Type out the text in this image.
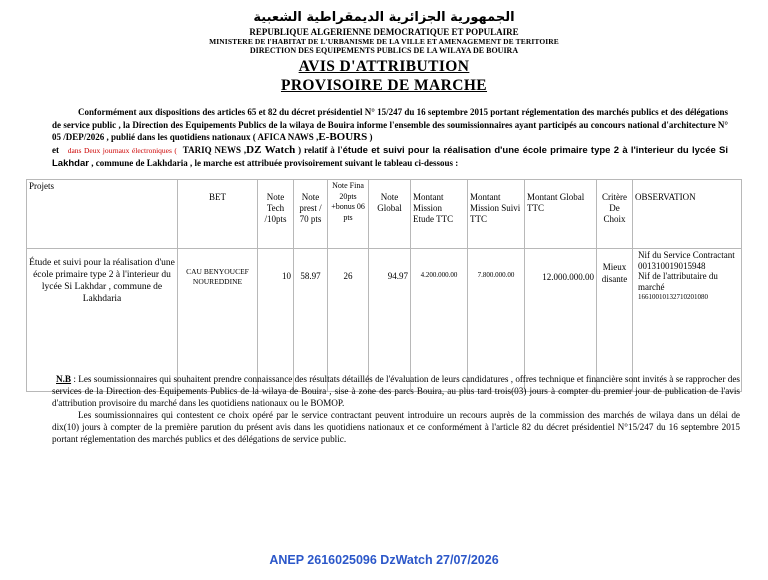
الجمهورية الجزائرية الديمقراطية الشعبية
REPUBLIQUE ALGERIENNE DEMOCRATIQUE ET POPULAIRE
MINISTERE DE l'HABITAT DE L'URBANISME DE LA VILLE ET AMENAGEMENT DE TERITOIRE
DIRECTION DES EQUIPEMENTS PUBLICS DE LA WILAYA DE BOUIRA
AVIS D'ATTRIBUTION
PROVISOIRE DE MARCHE
Conformément aux dispositions des articles 65 et 82 du décret présidentiel N° 15/247 du 16 septembre 2015 portant réglementation des marchés publics et des délégations de service public , la Direction des Equipements Publics de la wilaya de Bouira informe l'ensemble des soumissionnaires ayant participés au concours national d'architecture N° 05 /DEP/2026 , publié dans les quotidiens nationaux ( AFICA NAWS ,E-BOURS )
et dans Deux journaux électroniques ( TARIQ NEWS ,DZ Watch ) relatif à l'étude et suivi pour la réalisation d'une école primaire type 2 à l'interieur du lycée Si Lakhdar , commune de Lakhdaria , le marche est attribuée provisoirement suivant le tableau ci-dessous :
Projets	BET	Note Tech /10pts	Note prest / 70 pts	Note Fina 20pts +bonus 06 pts	Note Global	Montant Mission Etude TTC	Montant Mission Suivi TTC	Montant Global TTC	Critère De Choix	OBSERVATION
Étude et suivi pour la réalisation d'une école primaire type 2 à l'interieur du lycée Si Lakhdar , commune de Lakhdaria	CAU BENYOUCEF NOUREDDINE	10	58.97	26	94.97	4.200.000.00	7.800.000.00	12.000.000.00	Mieux disante	Nif du Service Contractant
001310019015948
Nif de l'attributaire du marché
16610010132710201080
N.B : Les soumissionnaires qui souhaitent prendre connaissance des résultats détaillés de l'évaluation de leurs candidatures , offres technique et financière sont invités à se rapprocher des services de la Direction des Equipements Publics de la wilaya de Bouira , sise à zone des parcs Bouira, au plus tard trois(03) jours à compter du premier jour de publication de l'avis d'attribution provisoire du marché dans les quotidiens nationaux ou le BOMOP.
Les soumissionnaires qui contestent ce choix opéré par le service contractant peuvent introduire un recours auprès de la commission des marchés de wilaya dans un délai de dix(10) jours à compter de la première parution du présent avis dans les quotidiens nationaux et ce conformément à l'article 82 du décret présidentiel N°15/247 du 16 septembre 2015 portant réglementation des marchés publics et des délégations de service public.
ANEP 2616025096 DzWatch 27/07/2026
